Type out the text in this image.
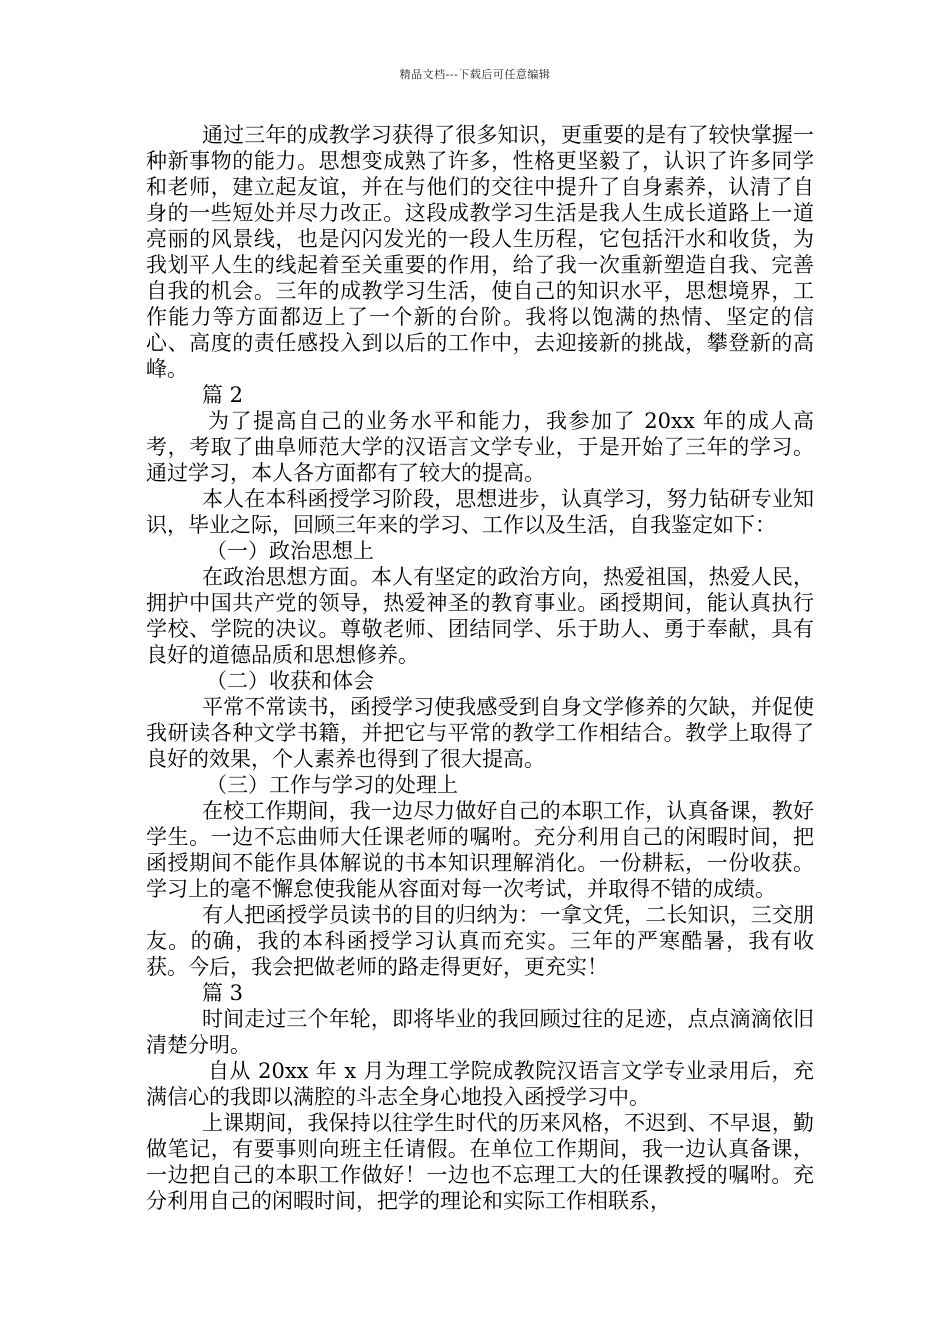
精品文档---下载后可任意编辑

通过三年的成教学习获得了很多知识，更重要的是有了较快掌握一种新事物的能力。思想变成熟了许多，性格更坚毅了，认识了许多同学和老师，建立起友谊，并在与他们的交往中提升了自身素养，认清了自身的一些短处并尽力改正。这段成教学习生活是我人生成长道路上一道亮丽的风景线，也是闪闪发光的一段人生历程，它包括汗水和收货，为我划平人生的线起着至关重要的作用，给了我一次重新塑造自我、完善自我的机会。三年的成教学习生活，使自己的知识水平，思想境界，工作能力等方面都迈上了一个新的台阶。我将以饱满的热情、坚定的信心、高度的责任感投入到以后的工作中，去迎接新的挑战，攀登新的高峰。

篇 2

为了提高自己的业务水平和能力，我参加了 20xx 年的成人高考，考取了曲阜师范大学的汉语言文学专业，于是开始了三年的学习。通过学习，本人各方面都有了较大的提高。

本人在本科函授学习阶段，思想进步，认真学习，努力钻研专业知识，毕业之际，回顾三年来的学习、工作以及生活，自我鉴定如下：

（一）政治思想上

在政治思想方面。本人有坚定的政治方向，热爱祖国，热爱人民，拥护中国共产党的领导，热爱神圣的教育事业。函授期间，能认真执行学校、学院的决议。尊敬老师、团结同学、乐于助人、勇于奉献，具有良好的道德品质和思想修养。

（二）收获和体会

平常不常读书，函授学习使我感受到自身文学修养的欠缺，并促使我研读各种文学书籍，并把它与平常的教学工作相结合。教学上取得了良好的效果，个人素养也得到了很大提高。

（三）工作与学习的处理上

在校工作期间，我一边尽力做好自己的本职工作，认真备课，教好学生。一边不忘曲师大任课老师的嘱咐。充分利用自己的闲暇时间，把函授期间不能作具体解说的书本知识理解消化。一份耕耘，一份收获。学习上的毫不懈怠使我能从容面对每一次考试，并取得不错的成绩。

有人把函授学员读书的目的归纳为：一拿文凭，二长知识，三交朋友。的确，我的本科函授学习认真而充实。三年的严寒酷暑，我有收获。今后，我会把做老师的路走得更好，更充实！

篇 3

时间走过三个年轮，即将毕业的我回顾过往的足迹，点点滴滴依旧清楚分明。

自从 20xx 年 x 月为理工学院成教院汉语言文学专业录用后，充满信心的我即以满腔的斗志全身心地投入函授学习中。

上课期间，我保持以往学生时代的历来风格，不迟到、不早退，勤做笔记，有要事则向班主任请假。在单位工作期间，我一边认真备课，一边把自己的本职工作做好！一边也不忘理工大的任课教授的嘱咐。充分利用自己的闲暇时间，把学的理论和实际工作相联系，
